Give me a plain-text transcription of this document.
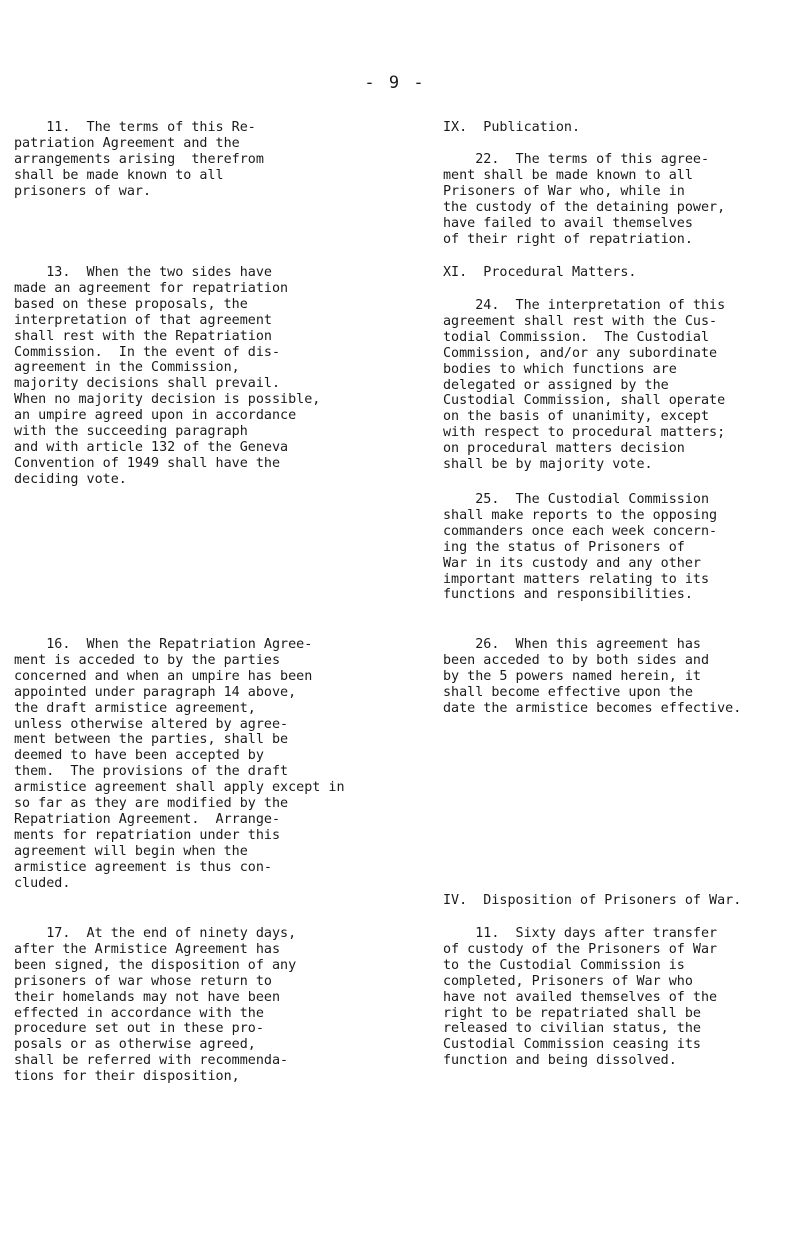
- 9 -
11.  The terms of this Re-
patriation Agreement and the
arrangements arising  therefrom
shall be made known to all
prisoners of war.
13.  When the two sides have
made an agreement for repatriation
based on these proposals, the
interpretation of that agreement
shall rest with the Repatriation
Commission.  In the event of dis-
agreement in the Commission,
majority decisions shall prevail.
When no majority decision is possible,
an umpire agreed upon in accordance
with the succeeding paragraph
and with article 132 of the Geneva
Convention of 1949 shall have the
deciding vote.
16.  When the Repatriation Agree-
ment is acceded to by the parties
concerned and when an umpire has been
appointed under paragraph 14 above,
the draft armistice agreement,
unless otherwise altered by agree-
ment between the parties, shall be
deemed to have been accepted by
them.  The provisions of the draft
armistice agreement shall apply except in
so far as they are modified by the
Repatriation Agreement.  Arrange-
ments for repatriation under this
agreement will begin when the
armistice agreement is thus con-
cluded.
17.  At the end of ninety days,
after the Armistice Agreement has
been signed, the disposition of any
prisoners of war whose return to
their homelands may not have been
effected in accordance with the
procedure set out in these pro-
posals or as otherwise agreed,
shall be referred with recommenda-
tions for their disposition,
IX.  Publication.
22.  The terms of this agree-
ment shall be made known to all
Prisoners of War who, while in
the custody of the detaining power,
have failed to avail themselves
of their right of repatriation.
XI.  Procedural Matters.
24.  The interpretation of this
agreement shall rest with the Cus-
todial Commission.  The Custodial
Commission, and/or any subordinate
bodies to which functions are
delegated or assigned by the
Custodial Commission, shall operate
on the basis of unanimity, except
with respect to procedural matters;
on procedural matters decision
shall be by majority vote.
25.  The Custodial Commission
shall make reports to the opposing
commanders once each week concern-
ing the status of Prisoners of
War in its custody and any other
important matters relating to its
functions and responsibilities.
26.  When this agreement has
been acceded to by both sides and
by the 5 powers named herein, it
shall become effective upon the
date the armistice becomes effective.
IV.  Disposition of Prisoners of War.
11.  Sixty days after transfer
of custody of the Prisoners of War
to the Custodial Commission is
completed, Prisoners of War who
have not availed themselves of the
right to be repatriated shall be
released to civilian status, the
Custodial Commission ceasing its
function and being dissolved.
